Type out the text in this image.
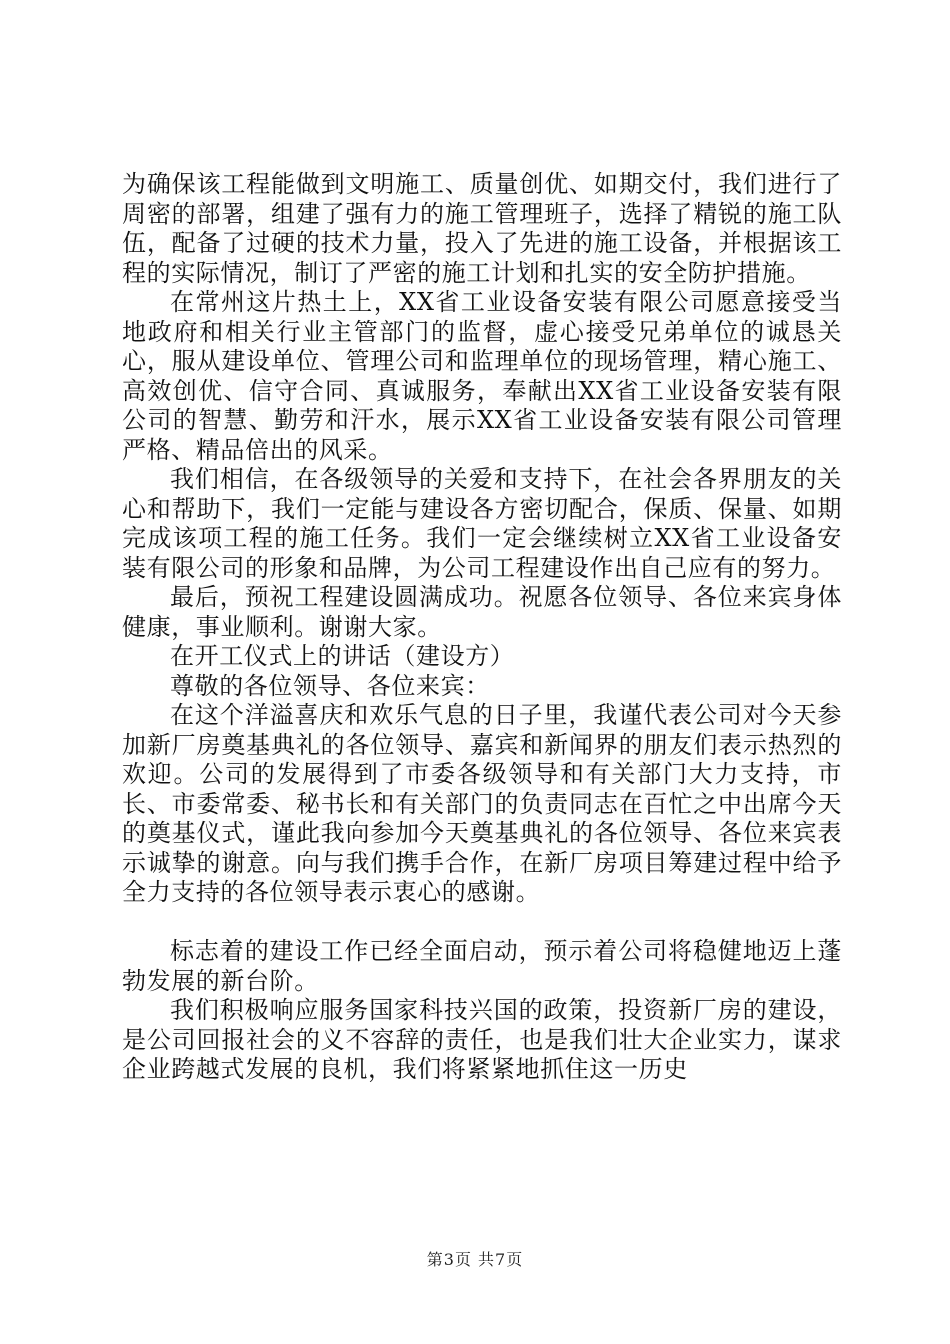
为确保该工程能做到文明施工、质量创优、如期交付，我们进行了周密的部署，组建了强有力的施工管理班子，选择了精锐的施工队伍，配备了过硬的技术力量，投入了先进的施工设备，并根据该工程的实际情况，制订了严密的施工计划和扎实的安全防护措施。

在常州这片热土上，XX省工业设备安装有限公司愿意接受当地政府和相关行业主管部门的监督，虚心接受兄弟单位的诚恳关心，服从建设单位、管理公司和监理单位的现场管理，精心施工、高效创优、信守合同、真诚服务，奉献出XX省工业设备安装有限公司的智慧、勤劳和汗水，展示XX省工业设备安装有限公司管理严格、精品倍出的风采。

我们相信，在各级领导的关爱和支持下，在社会各界朋友的关心和帮助下，我们一定能与建设各方密切配合，保质、保量、如期完成该项工程的施工任务。我们一定会继续树立XX省工业设备安装有限公司的形象和品牌，为公司工程建设作出自己应有的努力。

最后，预祝工程建设圆满成功。祝愿各位领导、各位来宾身体健康，事业顺利。谢谢大家。

在开工仪式上的讲话（建设方）

尊敬的各位领导、各位来宾：

在这个洋溢喜庆和欢乐气息的日子里，我谨代表公司对今天参加新厂房奠基典礼的各位领导、嘉宾和新闻界的朋友们表示热烈的欢迎。公司的发展得到了市委各级领导和有关部门大力支持，市长、市委常委、秘书长和有关部门的负责同志在百忙之中出席今天的奠基仪式，谨此我向参加今天奠基典礼的各位领导、各位来宾表示诚挚的谢意。向与我们携手合作，在新厂房项目筹建过程中给予全力支持的各位领导表示衷心的感谢。

标志着的建设工作已经全面启动，预示着公司将稳健地迈上蓬勃发展的新台阶。

我们积极响应服务国家科技兴国的政策，投资新厂房的建设，是公司回报社会的义不容辞的责任，也是我们壮大企业实力，谋求企业跨越式发展的良机，我们将紧紧地抓住这一历史

第3页 共7页
